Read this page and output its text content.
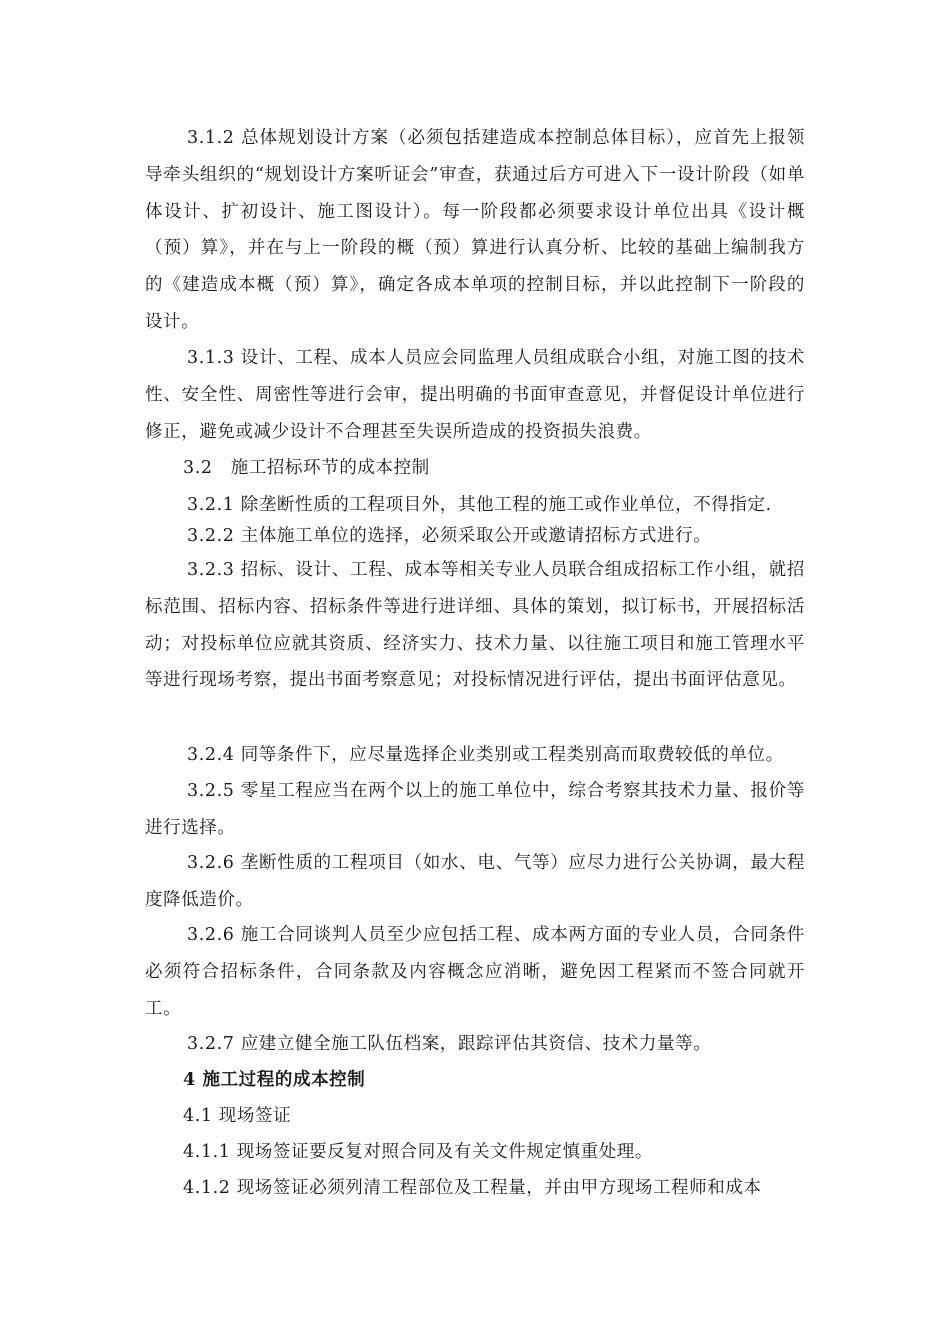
3.1.2 总体规划设计方案（必须包括建造成本控制总体目标），应首先上报领导牵头组织的“规划设计方案听证会”审查，获通过后方可进入下一设计阶段（如单体设计、扩初设计、施工图设计）。每一阶段都必须要求设计单位出具《设计概（预）算》，并在与上一阶段的概（预）算进行认真分析、比较的基础上编制我方的《建造成本概（预）算》，确定各成本单项的控制目标，并以此控制下一阶段的设计。

3.1.3 设计、工程、成本人员应会同监理人员组成联合小组，对施工图的技术性、安全性、周密性等进行会审，提出明确的书面审查意见，并督促设计单位进行修正，避免或减少设计不合理甚至失误所造成的投资损失浪费。

3.2　施工招标环节的成本控制

3.2.1 除垄断性质的工程项目外，其他工程的施工或作业单位，不得指定.

3.2.2 主体施工单位的选择，必须采取公开或邀请招标方式进行。

3.2.3 招标、设计、工程、成本等相关专业人员联合组成招标工作小组，就招标范围、招标内容、招标条件等进行进详细、具体的策划，拟订标书，开展招标活动；对投标单位应就其资质、经济实力、技术力量、以往施工项目和施工管理水平等进行现场考察，提出书面考察意见；对投标情况进行评估，提出书面评估意见。

3.2.4 同等条件下，应尽量选择企业类别或工程类别高而取费较低的单位。

3.2.5 零星工程应当在两个以上的施工单位中，综合考察其技术力量、报价等进行选择。

3.2.6 垄断性质的工程项目（如水、电、气等）应尽力进行公关协调，最大程度降低造价。

3.2.6 施工合同谈判人员至少应包括工程、成本两方面的专业人员，合同条件必须符合招标条件，合同条款及内容概念应消晰，避免因工程紧而不签合同就开工。

3.2.7 应建立健全施工队伍档案，跟踪评估其资信、技术力量等。

4 施工过程的成本控制

4.1 现场签证

4.1.1 现场签证要反复对照合同及有关文件规定慎重处理。

4.1.2 现场签证必须列清工程部位及工程量，并由甲方现场工程师和成本
